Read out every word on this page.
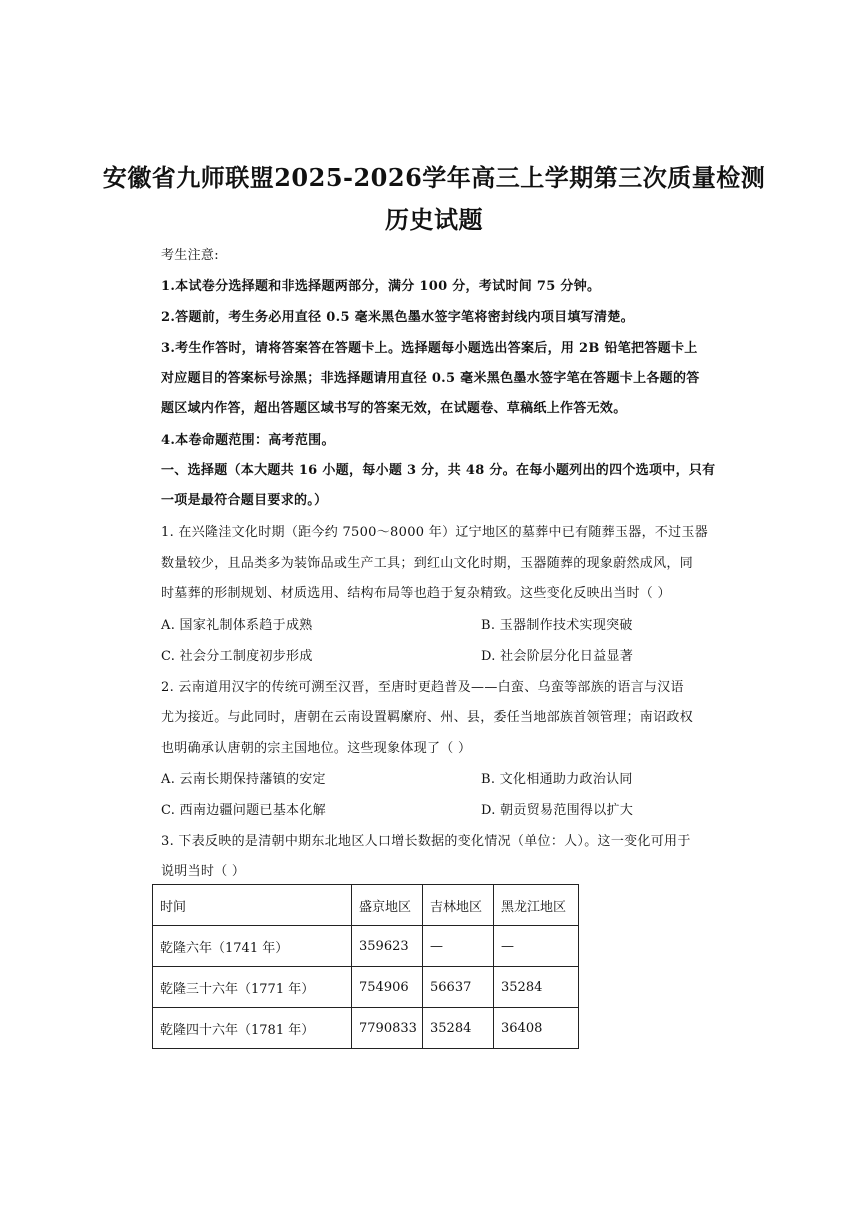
安徽省九师联盟2025-2026学年高三上学期第三次质量检测
历史试题
考生注意:
1.本试卷分选择题和非选择题两部分，满分 100 分，考试时间 75 分钟。
2.答题前，考生务必用直径 0.5 毫米黑色墨水签字笔将密封线内项目填写清楚。
3.考生作答时，请将答案答在答题卡上。选择题每小题选出答案后，用 2B 铅笔把答题卡上
对应题目的答案标号涂黑；非选择题请用直径 0.5 毫米黑色墨水签字笔在答题卡上各题的答
题区域内作答，超出答题区域书写的答案无效，在试题卷、草稿纸上作答无效。
4.本卷命题范围：高考范围。
一、选择题（本大题共 16 小题，每小题 3 分，共 48 分。在每小题列出的四个选项中，只有
一项是最符合题目要求的。）
1. 在兴隆洼文化时期（距今约 7500～8000 年）辽宁地区的墓葬中已有随葬玉器，不过玉器
数量较少，且品类多为装饰品或生产工具；到红山文化时期，玉器随葬的现象蔚然成风，同
时墓葬的形制规划、材质选用、结构布局等也趋于复杂精致。这些变化反映出当时（ ）
A. 国家礼制体系趋于成熟	B. 玉器制作技术实现突破
C. 社会分工制度初步形成	D. 社会阶层分化日益显著
2. 云南道用汉字的传统可溯至汉晋，至唐时更趋普及——白蛮、乌蛮等部族的语言与汉语
尤为接近。与此同时，唐朝在云南设置羁縻府、州、县，委任当地部族首领管理；南诏政权
也明确承认唐朝的宗主国地位。这些现象体现了（ ）
A. 云南长期保持藩镇的安定	B. 文化相通助力政治认同
C. 西南边疆问题已基本化解	D. 朝贡贸易范围得以扩大
3. 下表反映的是清朝中期东北地区人口增长数据的变化情况（单位：人）。这一变化可用于
说明当时（ ）
时间	盛京地区	吉林地区	黑龙江地区
乾隆六年（1741 年）	359623	—	—
乾隆三十六年（1771 年）	754906	56637	35284
乾隆四十六年（1781 年）	7790833	35284	36408
